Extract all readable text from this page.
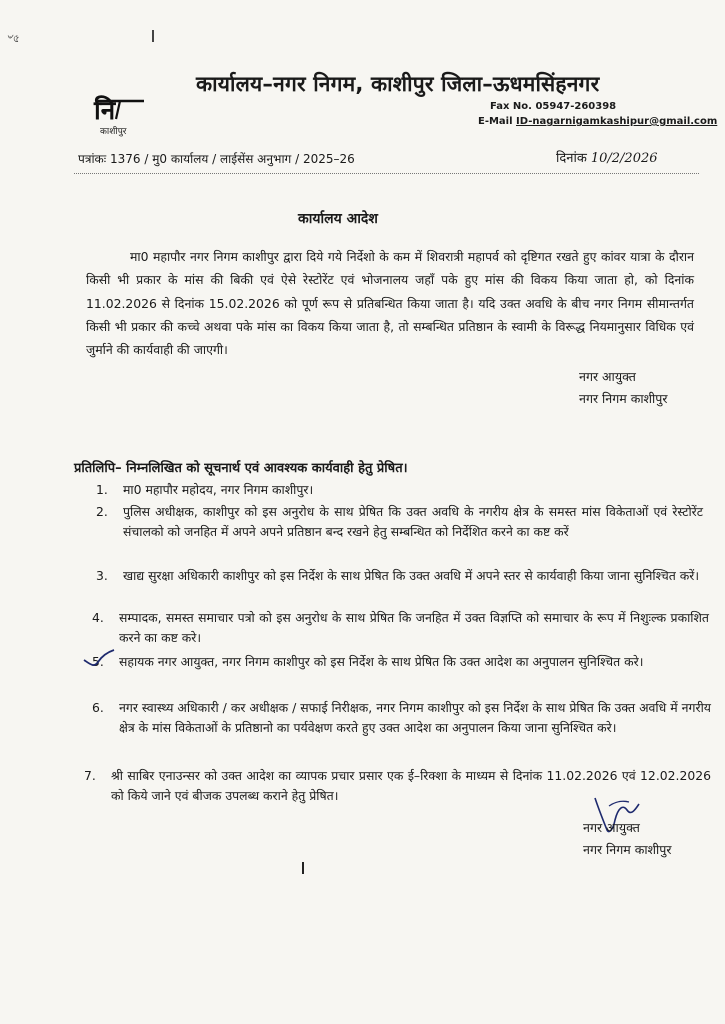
৺৫
नि
काशीपुर
कार्यालय–नगर निगम, काशीपुर जिला–ऊधमसिंहनगर
Fax No. 05947-260398
E-Mail ID-nagarnigamkashipur@gmail.com
पत्रांकः 1376 / मु0 कार्यालय / लाईसेंस अनुभाग / 2025–26	दिनांक 10/2/2026
कार्यालय आदेश
मा0 महापौर नगर निगम काशीपुर द्वारा दिये गये निर्देशो के कम में शिवरात्री महापर्व को दृष्टिगत रखते हुए कांवर यात्रा के दौरान किसी भी प्रकार के मांस की बिकी एवं ऐसे रेस्टोरेंट एवं भोजनालय जहाँ पके हुए मांस की विकय किया जाता हो, को दिनांक 11.02.2026 से दिनांक 15.02.2026 को पूर्ण रूप से प्रतिबन्धित किया जाता है। यदि उक्त अवधि के बीच नगर निगम सीमान्तर्गत किसी भी प्रकार की कच्चे अथवा पके मांस का विकय किया जाता है, तो सम्बन्धित प्रतिष्ठान के स्वामी के विरूद्ध नियमानुसार विधिक एवं जुर्माने की कार्यवाही की जाएगी।
नगर आयुक्त
नगर निगम काशीपुर
प्रतिलिपि– निम्नलिखित को सूचनार्थ एवं आवश्यक कार्यवाही हेतु प्रेषित।
1.	मा0 महापौर महोदय, नगर निगम काशीपुर।
2.	पुलिस अधीक्षक, काशीपुर को इस अनुरोध के साथ प्रेषित कि उक्त अवधि के नगरीय क्षेत्र के समस्त मांस विकेताओं एवं रेस्टोरेंट संचालको को जनहित में अपने अपने प्रतिष्ठान बन्द रखने हेतु सम्बन्धित को निर्देशित करने का कष्ट करें
3.	खाद्य सुरक्षा अधिकारी काशीपुर को इस निर्देश के साथ प्रेषित कि उक्त अवधि में अपने स्तर से कार्यवाही किया जाना सुनिश्चित करें।
4.	सम्पादक, समस्त समाचार पत्रो को इस अनुरोध के साथ प्रेषित कि जनहित में उक्त विज्ञप्ति को समाचार के रूप में निशुःल्क प्रकाशित करने का कष्ट करे।
5.	सहायक नगर आयुक्त, नगर निगम काशीपुर को इस निर्देश के साथ प्रेषित कि उक्त आदेश का अनुपालन सुनिश्चित करे।
6.	नगर स्वास्थ्य अधिकारी / कर अधीक्षक / सफाई निरीक्षक, नगर निगम काशीपुर को इस निर्देश के साथ प्रेषित कि उक्त अवधि में नगरीय क्षेत्र के मांस विकेताओं के प्रतिष्ठानो का पर्यवेक्षण करते हुए उक्त आदेश का अनुपालन किया जाना सुनिश्चित करे।
7.	श्री साबिर एनाउन्सर को उक्त आदेश का व्यापक प्रचार प्रसार एक ई–रिक्शा के माध्यम से दिनांक 11.02.2026 एवं 12.02.2026 को किये जाने एवं बीजक उपलब्ध कराने हेतु प्रेषित।
नगर आयुक्त
नगर निगम काशीपुर
